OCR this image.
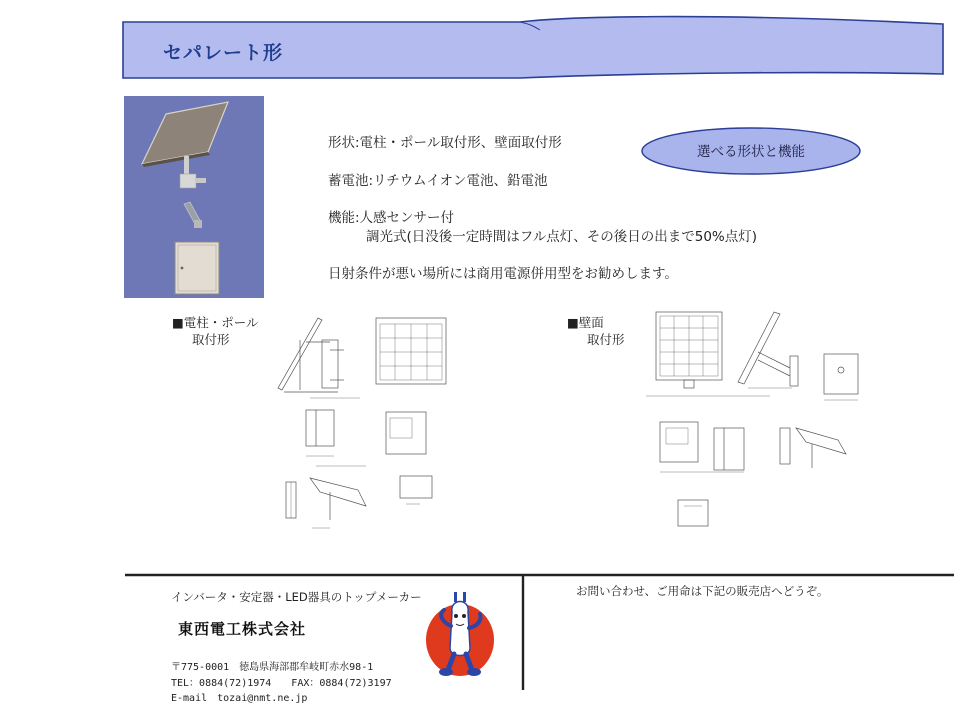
セパレート形
形状:電柱・ポール取付形、壁面取付形
蓄電池:リチウムイオン電池、鉛電池
機能:人感センサー付
調光式(日没後一定時間はフル点灯、その後日の出まで50%点灯)
日射条件が悪い場所には商用電源併用型をお勧めします。
選べる形状と機能
■電柱・ポール
取付形
■壁面
取付形
インバータ・安定器・LED器具のトップメーカー
東西電工株式会社
〒775-0001　徳島県海部郡牟岐町赤水98-1
TEL：0884(72)1974　　FAX：0884(72)3197
E-mail　tozai@nmt.ne.jp
お問い合わせ、ご用命は下記の販売店へどうぞ。
